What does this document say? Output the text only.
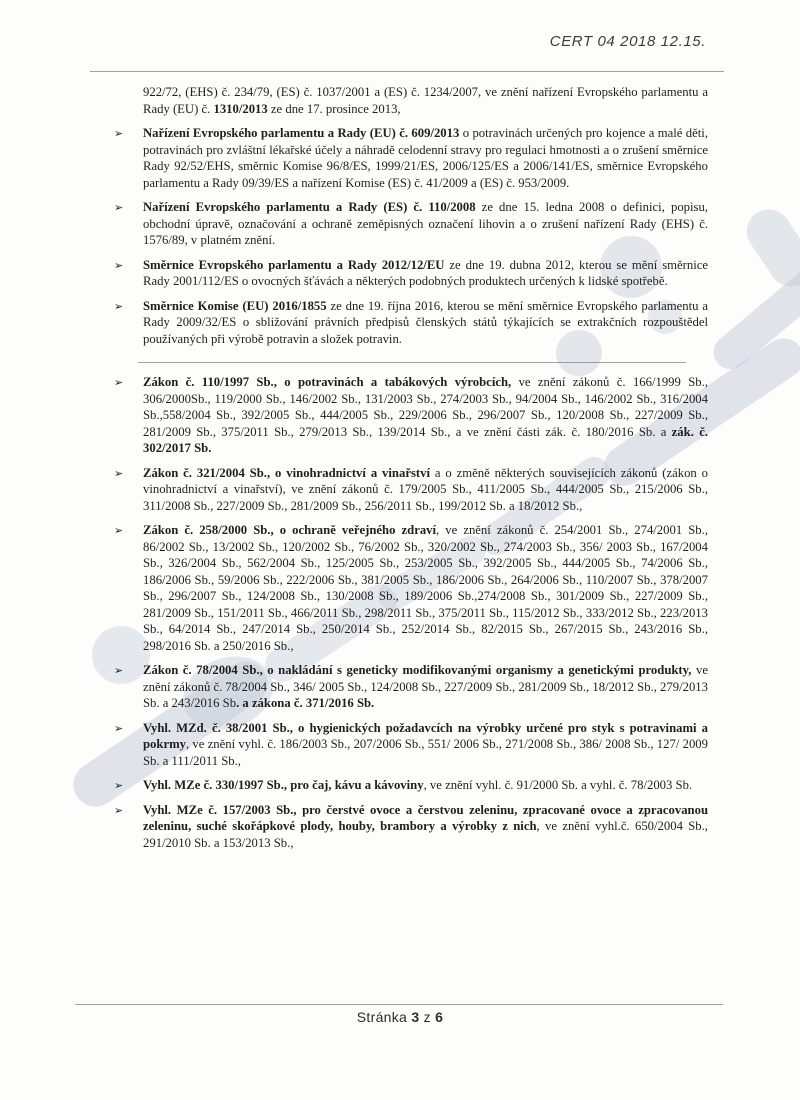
CERT 04 2018 12.15.

922/72, (EHS) č. 234/79, (ES) č. 1037/2001 a (ES) č. 1234/2007, ve znění nařízení Evropského parlamentu a Rady (EU) č. 1310/2013 ze dne 17. prosince 2013,

➢ Nařízení Evropského parlamentu a Rady (EU) č. 609/2013 o potravinách určených pro kojence a malé děti, potravinách pro zvláštní lékařské účely a náhradě celodenní stravy pro regulaci hmotnosti a o zrušení směrnice Rady 92/52/EHS, směrnic Komise 96/8/ES, 1999/21/ES, 2006/125/ES a 2006/141/ES, směrnice Evropského parlamentu a Rady 09/39/ES a nařízení Komise (ES) č. 41/2009 a (ES) č. 953/2009.

➢ Nařízení Evropského parlamentu a Rady (ES) č. 110/2008 ze dne 15. ledna 2008 o definici, popisu, obchodní úpravě, označování a ochraně zeměpisných označení lihovin a o zrušení nařízení Rady (EHS) č. 1576/89, v platném znění.

➢ Směrnice Evropského parlamentu a Rady 2012/12/EU ze dne 19. dubna 2012, kterou se mění směrnice Rady 2001/112/ES o ovocných šťávách a některých podobných produktech určených k lidské spotřebě.

➢ Směrnice Komise (EU) 2016/1855 ze dne 19. října 2016, kterou se mění směrnice Evropského parlamentu a Rady 2009/32/ES o sbližování právních předpisů členských států týkajících se extrakčních rozpouštědel používaných při výrobě potravin a složek potravin.

➢ Zákon č. 110/1997 Sb., o potravinách a tabákových výrobcích, ve znění zákonů č. 166/1999 Sb., 306/2000Sb., 119/2000 Sb., 146/2002 Sb., 131/2003 Sb., 274/2003 Sb., 94/2004 Sb., 146/2002 Sb., 316/2004 Sb.,558/2004 Sb., 392/2005 Sb., 444/2005 Sb., 229/2006 Sb., 296/2007 Sb., 120/2008 Sb., 227/2009 Sb., 281/2009 Sb., 375/2011 Sb., 279/2013 Sb., 139/2014 Sb., a ve znění části zák. č. 180/2016 Sb. a zák. č. 302/2017 Sb.

➢ Zákon č. 321/2004 Sb., o vinohradnictví a vinařství a o změně některých souvisejících zákonů (zákon o vinohradnictví a vinařství), ve znění zákonů č. 179/2005 Sb., 411/2005 Sb., 444/2005 Sb., 215/2006 Sb., 311/2008 Sb., 227/2009 Sb., 281/2009 Sb., 256/2011 Sb., 199/2012 Sb. a 18/2012 Sb.,

➢ Zákon č. 258/2000 Sb., o ochraně veřejného zdraví, ve znění zákonů č. 254/2001 Sb., 274/2001 Sb., 86/2002 Sb., 13/2002 Sb., 120/2002 Sb., 76/2002 Sb., 320/2002 Sb., 274/2003 Sb., 356/ 2003 Sb., 167/2004 Sb., 326/2004 Sb., 562/2004 Sb., 125/2005 Sb., 253/2005 Sb., 392/2005 Sb., 444/2005 Sb., 74/2006 Sb., 186/2006 Sb., 59/2006 Sb., 222/2006 Sb., 381/2005 Sb., 186/2006 Sb., 264/2006 Sb., 110/2007 Sb., 378/2007 Sb., 296/2007 Sb., 124/2008 Sb., 130/2008 Sb., 189/2006 Sb.,274/2008 Sb., 301/2009 Sb., 227/2009 Sb., 281/2009 Sb., 151/2011 Sb., 466/2011 Sb., 298/2011 Sb., 375/2011 Sb., 115/2012 Sb., 333/2012 Sb., 223/2013 Sb., 64/2014 Sb., 247/2014 Sb., 250/2014 Sb., 252/2014 Sb., 82/2015 Sb., 267/2015 Sb., 243/2016 Sb., 298/2016 Sb. a 250/2016 Sb.,

➢ Zákon č. 78/2004 Sb., o nakládání s geneticky modifikovanými organismy a genetickými produkty, ve znění zákonů č. 78/2004 Sb., 346/ 2005 Sb., 124/2008 Sb., 227/2009 Sb., 281/2009 Sb., 18/2012 Sb., 279/2013 Sb. a 243/2016 Sb. a zákona č. 371/2016 Sb.

➢ Vyhl. MZd. č. 38/2001 Sb., o hygienických požadavcích na výrobky určené pro styk s potravinami a pokrmy, ve znění vyhl. č. 186/2003 Sb., 207/2006 Sb., 551/ 2006 Sb., 271/2008 Sb., 386/ 2008 Sb., 127/ 2009 Sb. a 111/2011 Sb.,

➢ Vyhl. MZe č. 330/1997 Sb., pro čaj, kávu a kávoviny, ve znění vyhl. č. 91/2000 Sb. a vyhl. č. 78/2003 Sb.

➢ Vyhl. MZe č. 157/2003 Sb., pro čerstvé ovoce a čerstvou zeleninu, zpracované ovoce a zpracovanou zeleninu, suché skořápkové plody, houby, brambory a výrobky z nich, ve znění vyhl.č. 650/2004 Sb., 291/2010 Sb. a 153/2013 Sb.,

Stránka 3 z 6
